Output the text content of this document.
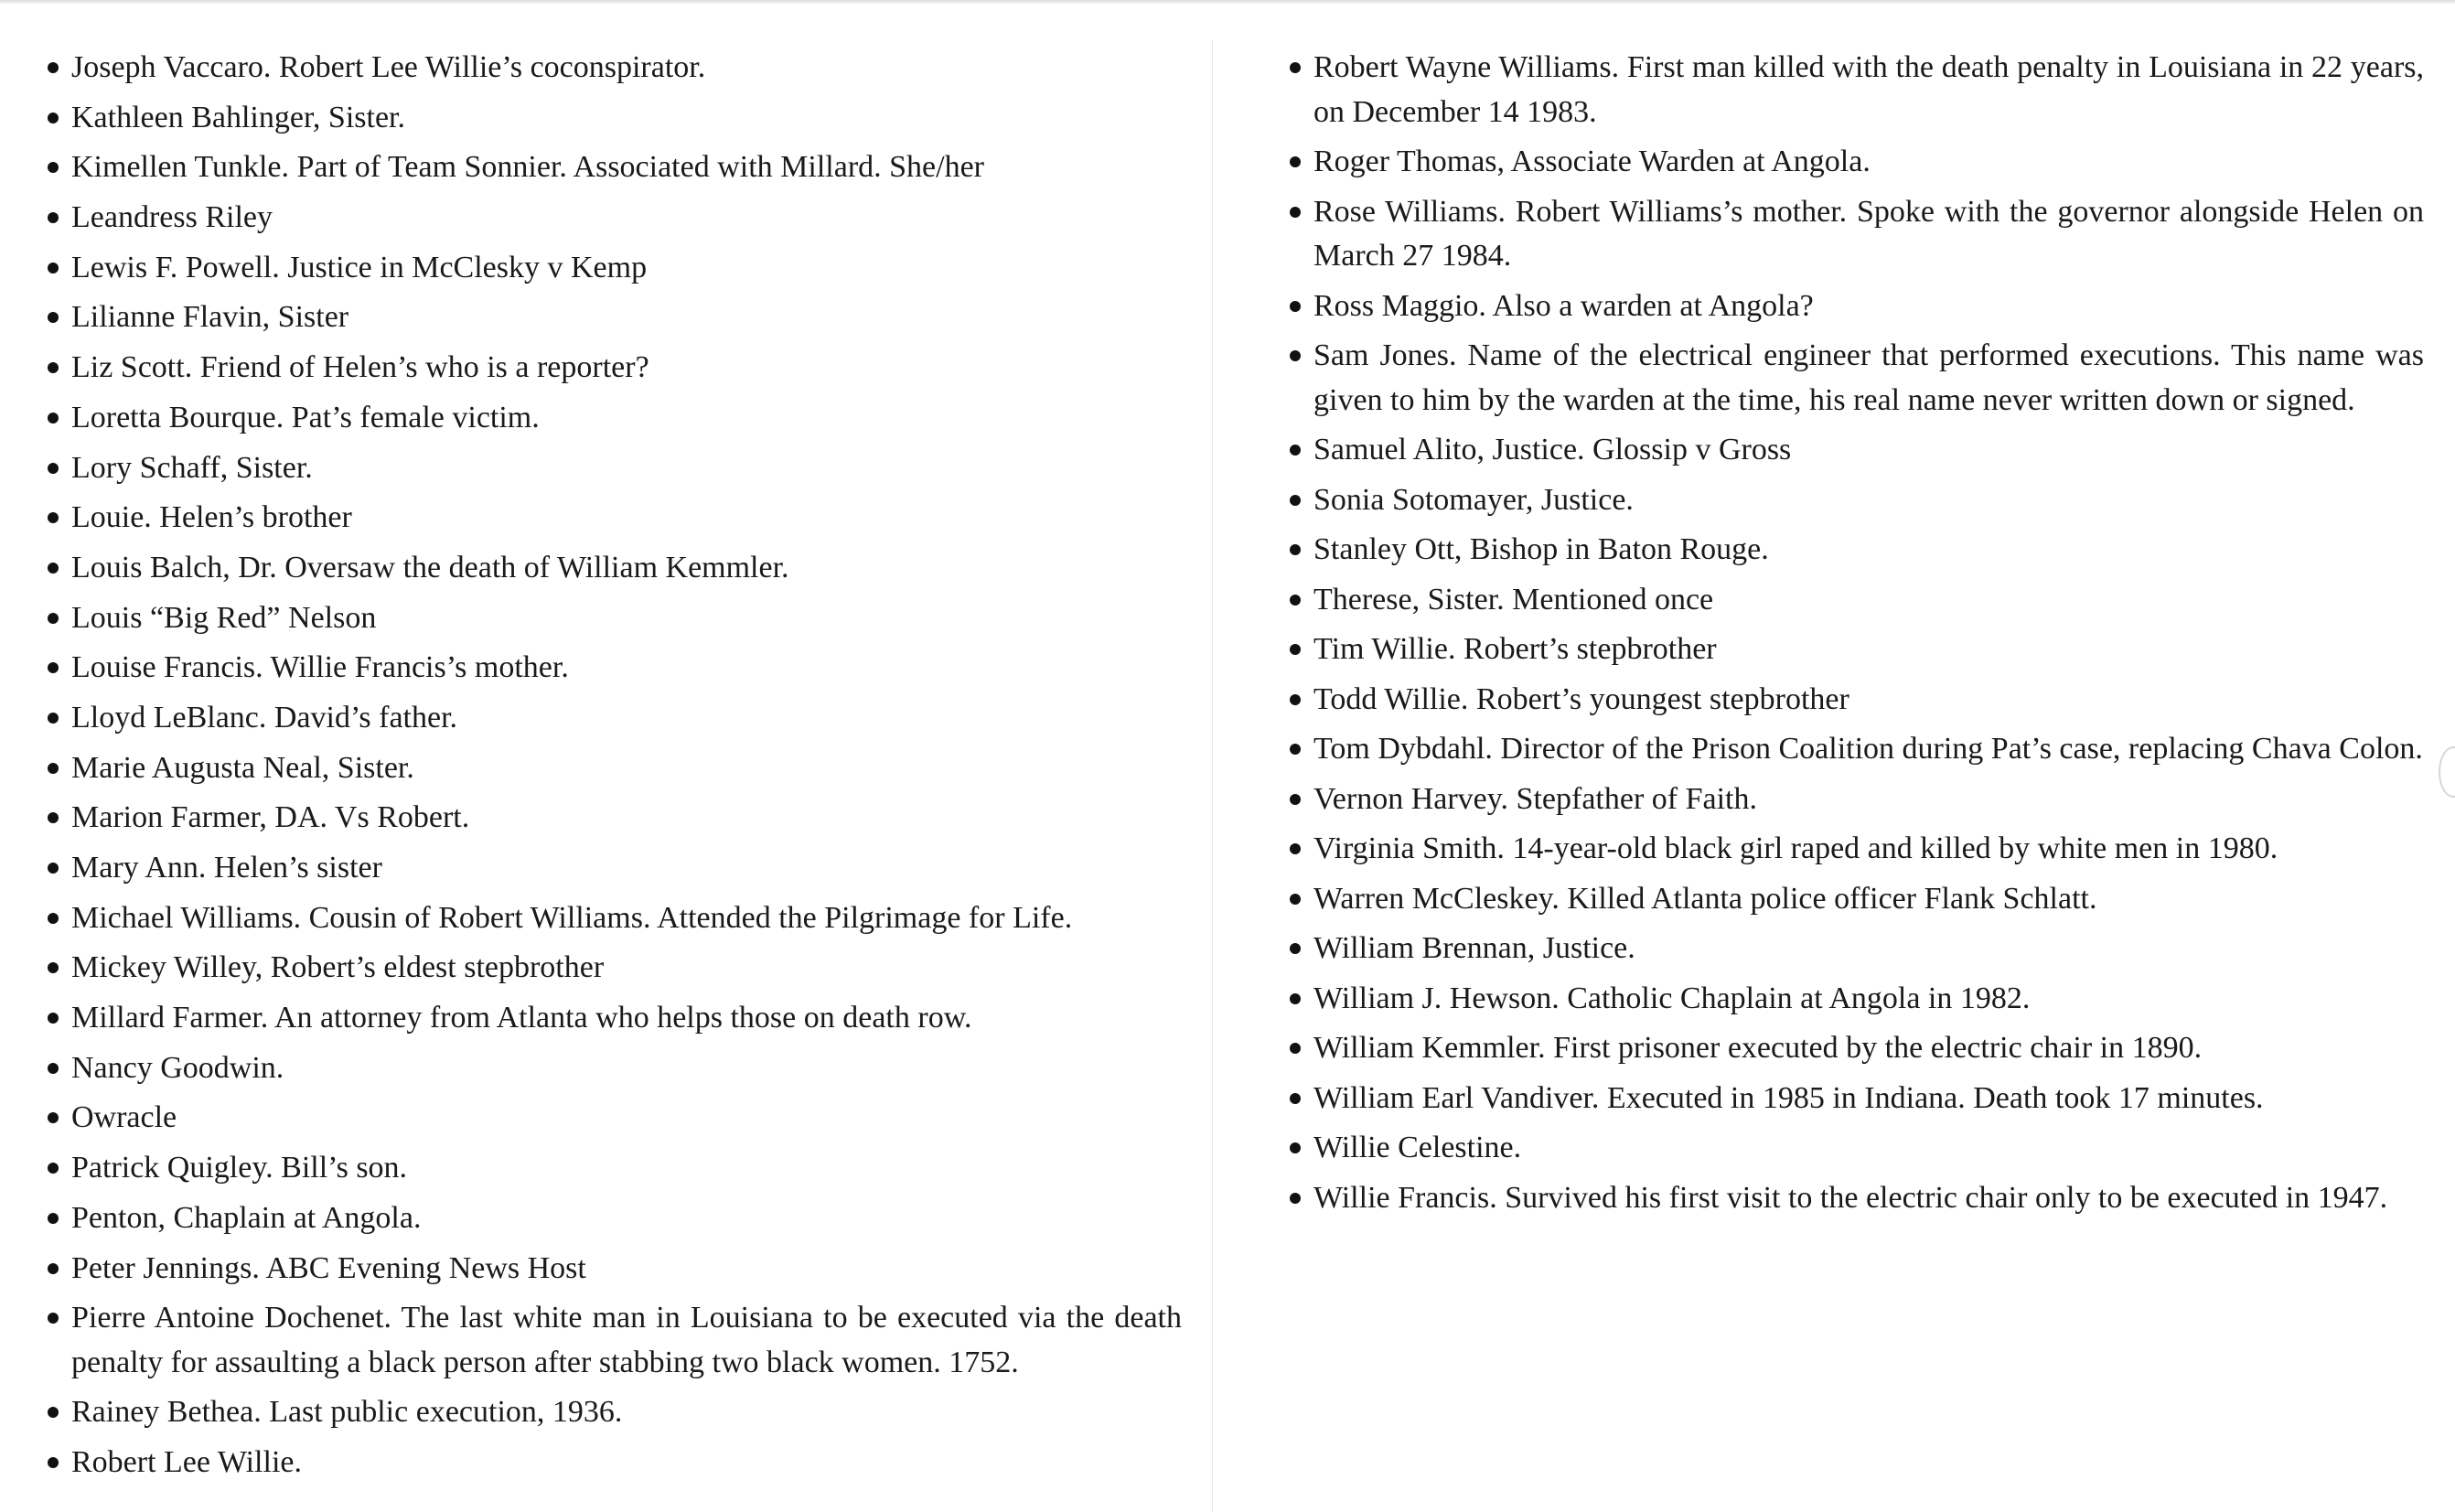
Joseph Vaccaro. Robert Lee Willie’s coconspirator.
Kathleen Bahlinger, Sister.
Kimellen Tunkle. Part of Team Sonnier. Associated with Millard. She/her
Leandress Riley
Lewis F. Powell. Justice in McClesky v Kemp
Lilianne Flavin, Sister
Liz Scott. Friend of Helen’s who is a reporter?
Loretta Bourque. Pat’s female victim.
Lory Schaff, Sister.
Louie. Helen’s brother
Louis Balch, Dr. Oversaw the death of William Kemmler.
Louis “Big Red” Nelson
Louise Francis. Willie Francis’s mother.
Lloyd LeBlanc. David’s father.
Marie Augusta Neal, Sister.
Marion Farmer, DA. Vs Robert.
Mary Ann. Helen’s sister
Michael Williams. Cousin of Robert Williams. Attended the Pilgrimage for Life.
Mickey Willey, Robert’s eldest stepbrother
Millard Farmer. An attorney from Atlanta who helps those on death row.
Nancy Goodwin.
Owracle
Patrick Quigley. Bill’s son.
Penton, Chaplain at Angola.
Peter Jennings. ABC Evening News Host
Pierre Antoine Dochenet. The last white man in Louisiana to be executed via the death penalty for assaulting a black person after stabbing two black women. 1752.
Rainey Bethea. Last public execution, 1936.
Robert Lee Willie.
Robert Wayne Williams. First man killed with the death penalty in Louisiana in 22 years, on December 14 1983.
Roger Thomas, Associate Warden at Angola.
Rose Williams. Robert Williams’s mother. Spoke with the governor alongside Helen on March 27 1984.
Ross Maggio. Also a warden at Angola?
Sam Jones. Name of the electrical engineer that performed executions. This name was given to him by the warden at the time, his real name never written down or signed.
Samuel Alito, Justice. Glossip v Gross
Sonia Sotomayer, Justice.
Stanley Ott, Bishop in Baton Rouge.
Therese, Sister. Mentioned once
Tim Willie. Robert’s stepbrother
Todd Willie. Robert’s youngest stepbrother
Tom Dybdahl. Director of the Prison Coalition during Pat’s case, replacing Chava Colon.
Vernon Harvey. Stepfather of Faith.
Virginia Smith. 14-year-old black girl raped and killed by white men in 1980.
Warren McCleskey. Killed Atlanta police officer Flank Schlatt.
William Brennan, Justice.
William J. Hewson. Catholic Chaplain at Angola in 1982.
William Kemmler. First prisoner executed by the electric chair in 1890.
William Earl Vandiver. Executed in 1985 in Indiana. Death took 17 minutes.
Willie Celestine.
Willie Francis. Survived his first visit to the electric chair only to be executed in 1947.
